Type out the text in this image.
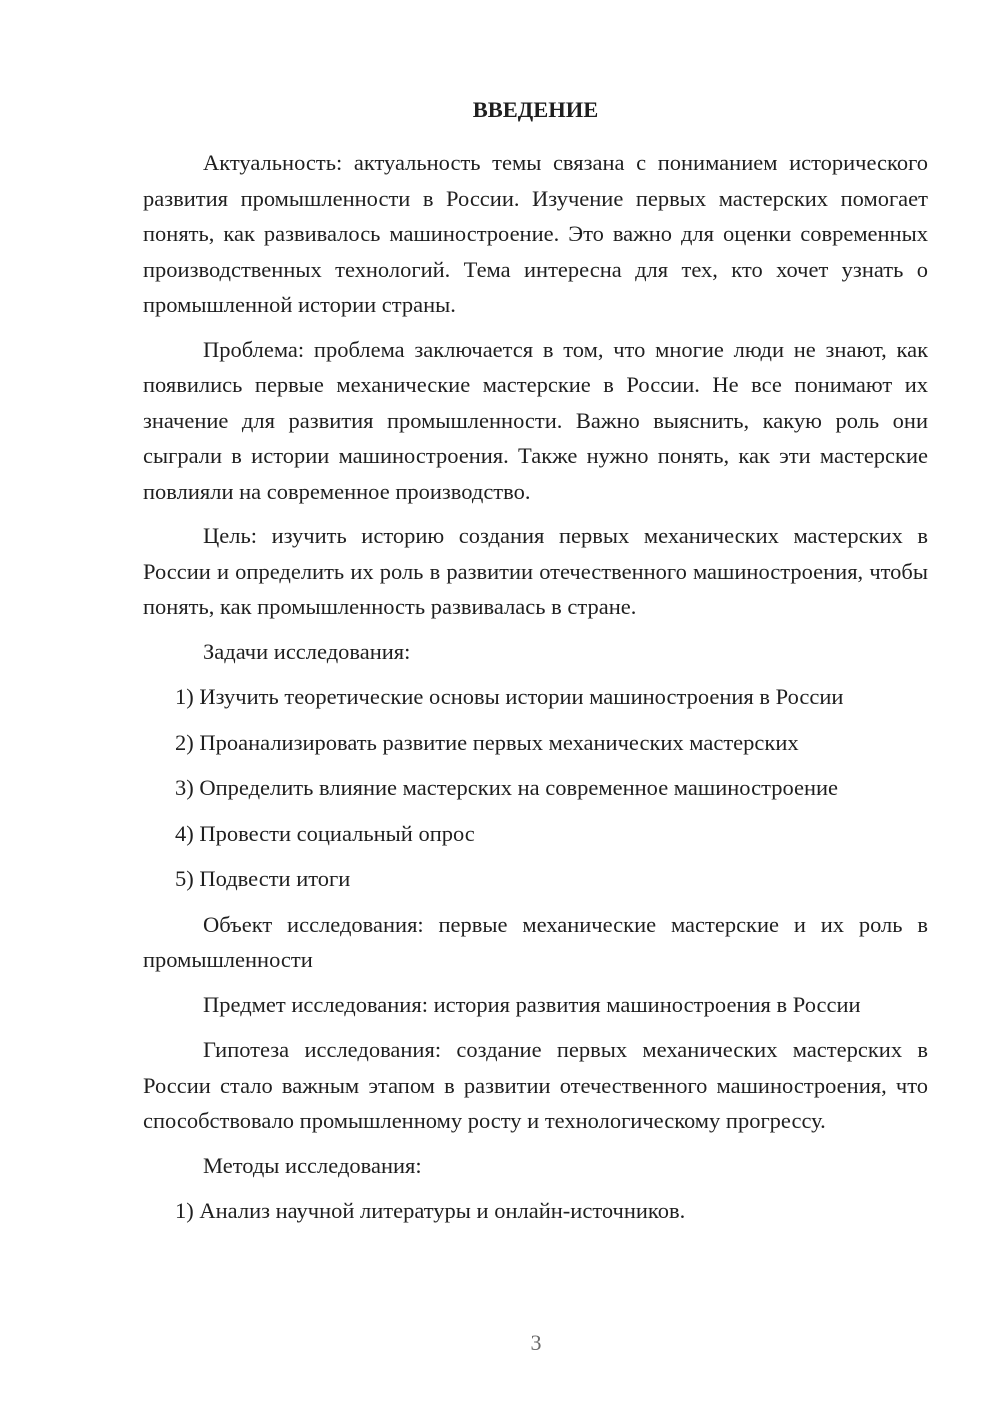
ВВЕДЕНИЕ

Актуальность: актуальность темы связана с пониманием исторического развития промышленности в России. Изучение первых мастерских помогает понять, как развивалось машиностроение. Это важно для оценки современных производственных технологий. Тема интересна для тех, кто хочет узнать о промышленной истории страны.

Проблема: проблема заключается в том, что многие люди не знают, как появились первые механические мастерские в России. Не все понимают их значение для развития промышленности. Важно выяснить, какую роль они сыграли в истории машиностроения. Также нужно понять, как эти мастерские повлияли на современное производство.

Цель: изучить историю создания первых механических мастерских в России и определить их роль в развитии отечественного машиностроения, чтобы понять, как промышленность развивалась в стране.

Задачи исследования:

1) Изучить теоретические основы истории машиностроения в России

2) Проанализировать развитие первых механических мастерских

3) Определить влияние мастерских на современное машиностроение

4) Провести социальный опрос

5) Подвести итоги

Объект исследования: первые механические мастерские и их роль в промышленности

Предмет исследования: история развития машиностроения в России

Гипотеза исследования: создание первых механических мастерских в России стало важным этапом в развитии отечественного машиностроения, что способствовало промышленному росту и технологическому прогрессу.

Методы исследования:

1) Анализ научной литературы и онлайн-источников.

3
